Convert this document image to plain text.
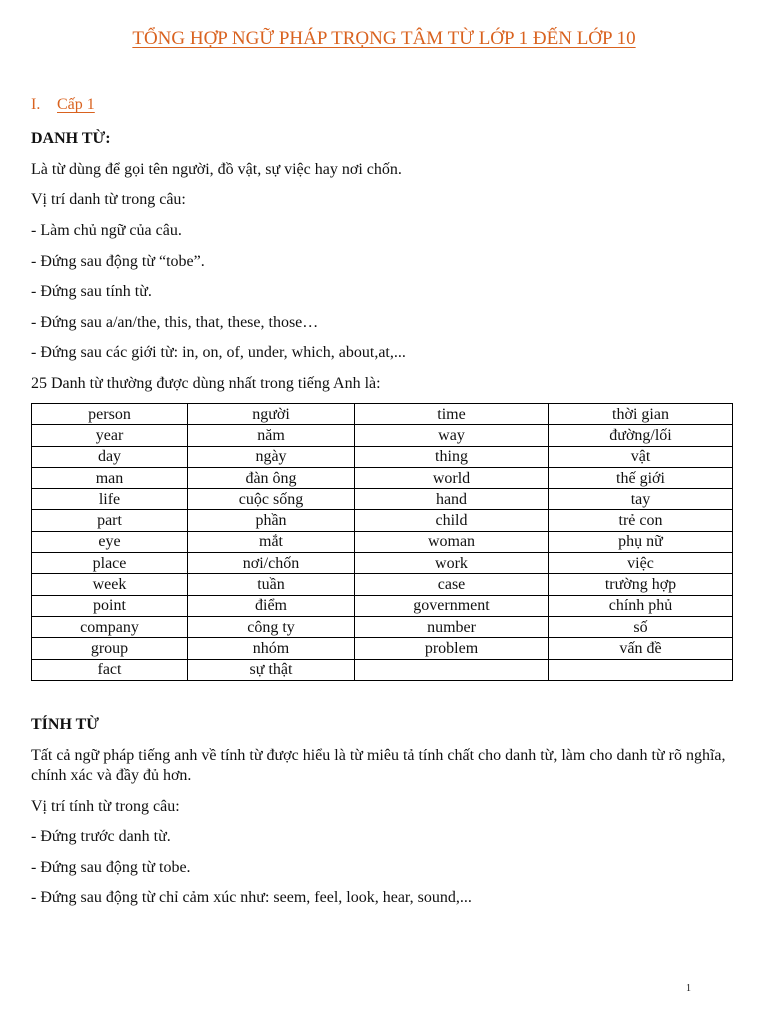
TỔNG HỢP NGỮ PHÁP TRỌNG TÂM TỪ LỚP 1 ĐẾN LỚP 10
I. Cấp 1
DANH TỪ:
Là từ dùng để gọi tên người, đồ vật, sự việc hay nơi chốn.
Vị trí danh từ trong câu:
- Làm chủ ngữ của câu.
- Đứng sau động từ “tobe”.
- Đứng sau tính từ.
- Đứng sau a/an/the, this, that, these, those…
- Đứng sau các giới từ: in, on, of, under, which, about,at,...
25 Danh từ thường được dùng nhất trong tiếng Anh là:
person	người	time	thời gian
year	năm	way	đường/lối
day	ngày	thing	vật
man	đàn ông	world	thế giới
life	cuộc sống	hand	tay
part	phần	child	trẻ con
eye	mắt	woman	phụ nữ
place	nơi/chốn	work	việc
week	tuần	case	trường hợp
point	điểm	government	chính phủ
company	công ty	number	số
group	nhóm	problem	vấn đề
fact	sự thật		
TÍNH TỪ
Tất cả ngữ pháp tiếng anh về tính từ được hiểu là từ miêu tả tính chất cho danh từ, làm cho danh từ rõ nghĩa, chính xác và đầy đủ hơn.
Vị trí tính từ trong câu:
- Đứng trước danh từ.
- Đứng sau động từ tobe.
- Đứng sau động từ chỉ cảm xúc như: seem, feel, look, hear, sound,...
1
